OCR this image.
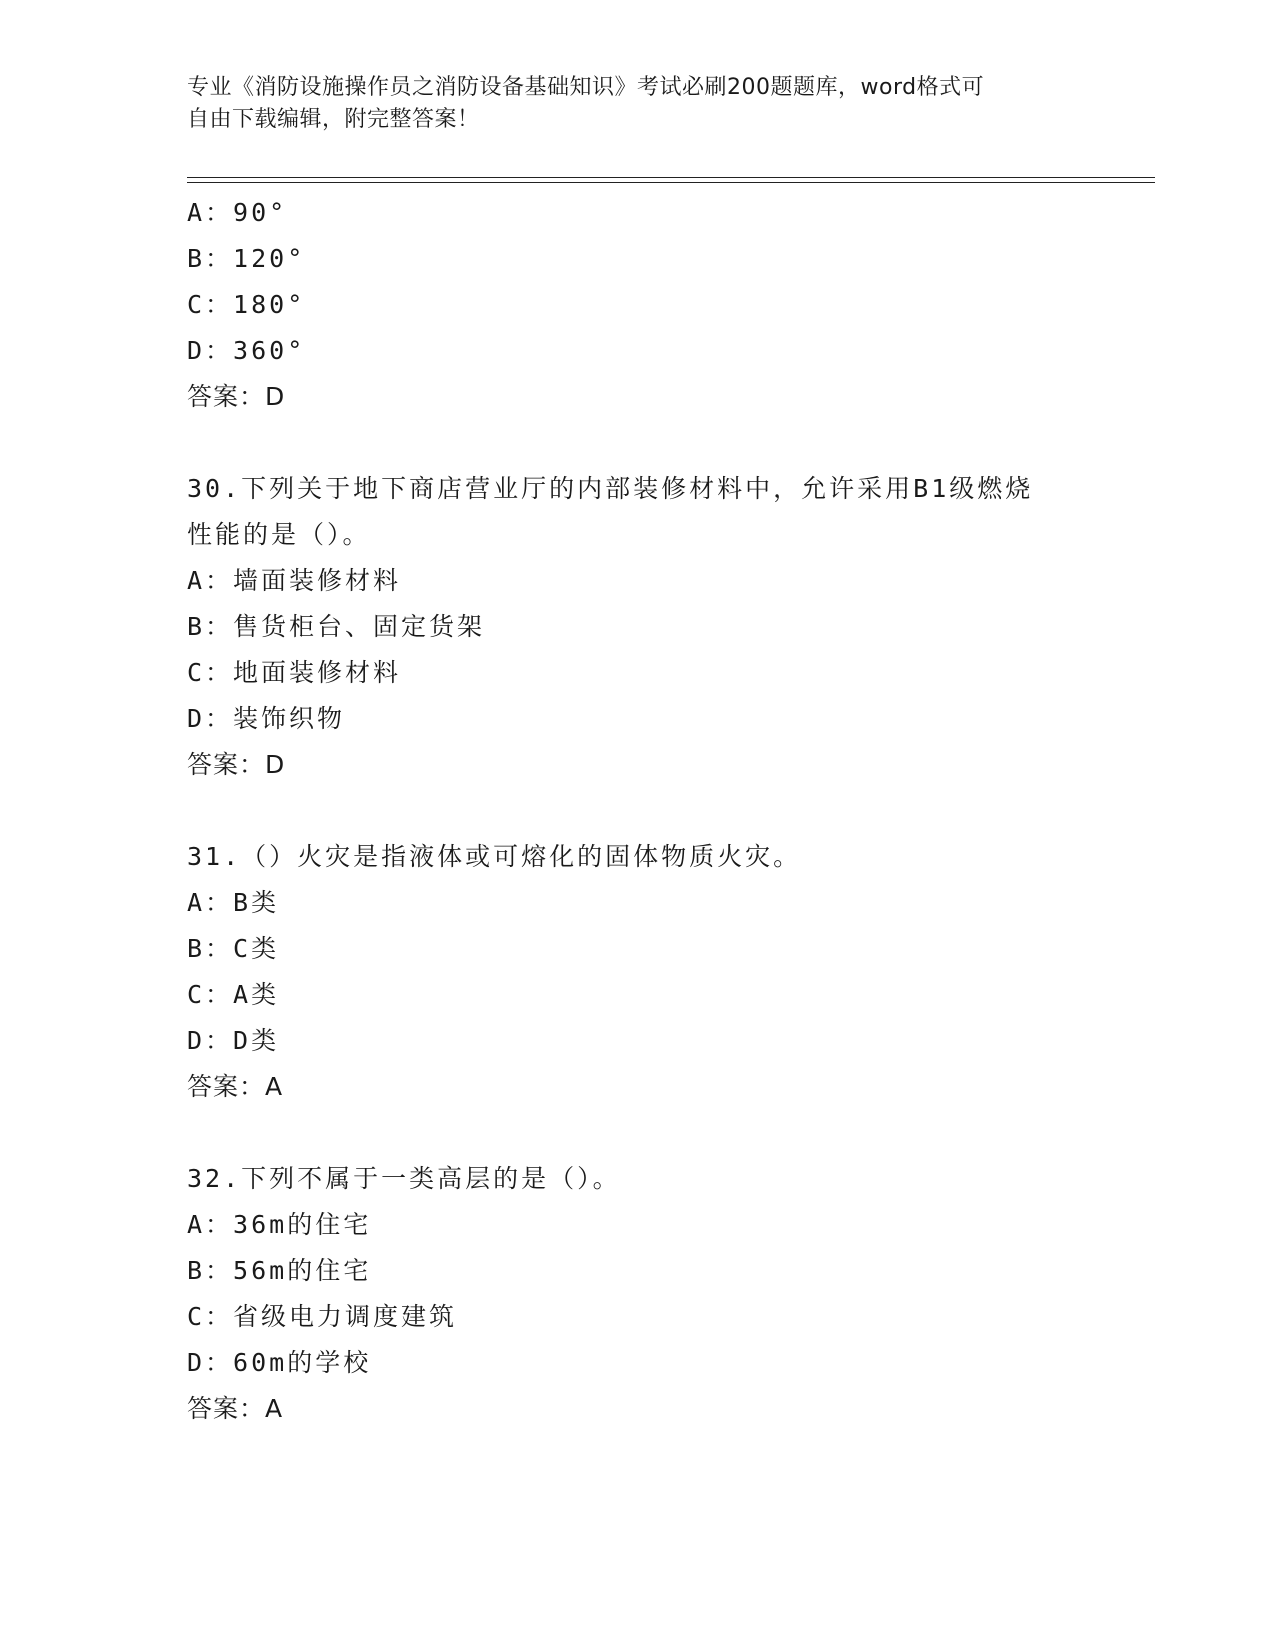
专业《消防设施操作员之消防设备基础知识》考试必刷200题题库，word格式可
自由下载编辑，附完整答案！
A：90°
B：120°
C：180°
D：360°
答案：D
30.下列关于地下商店营业厅的内部装修材料中，允许采用B1级燃烧
性能的是（）。
A：墙面装修材料
B：售货柜台、固定货架
C：地面装修材料
D：装饰织物
答案：D
31.（）火灾是指液体或可熔化的固体物质火灾。
A：B类
B：C类
C：A类
D：D类
答案：A
32.下列不属于一类高层的是（）。
A：36m的住宅
B：56m的住宅
C：省级电力调度建筑
D：60m的学校
答案：A
